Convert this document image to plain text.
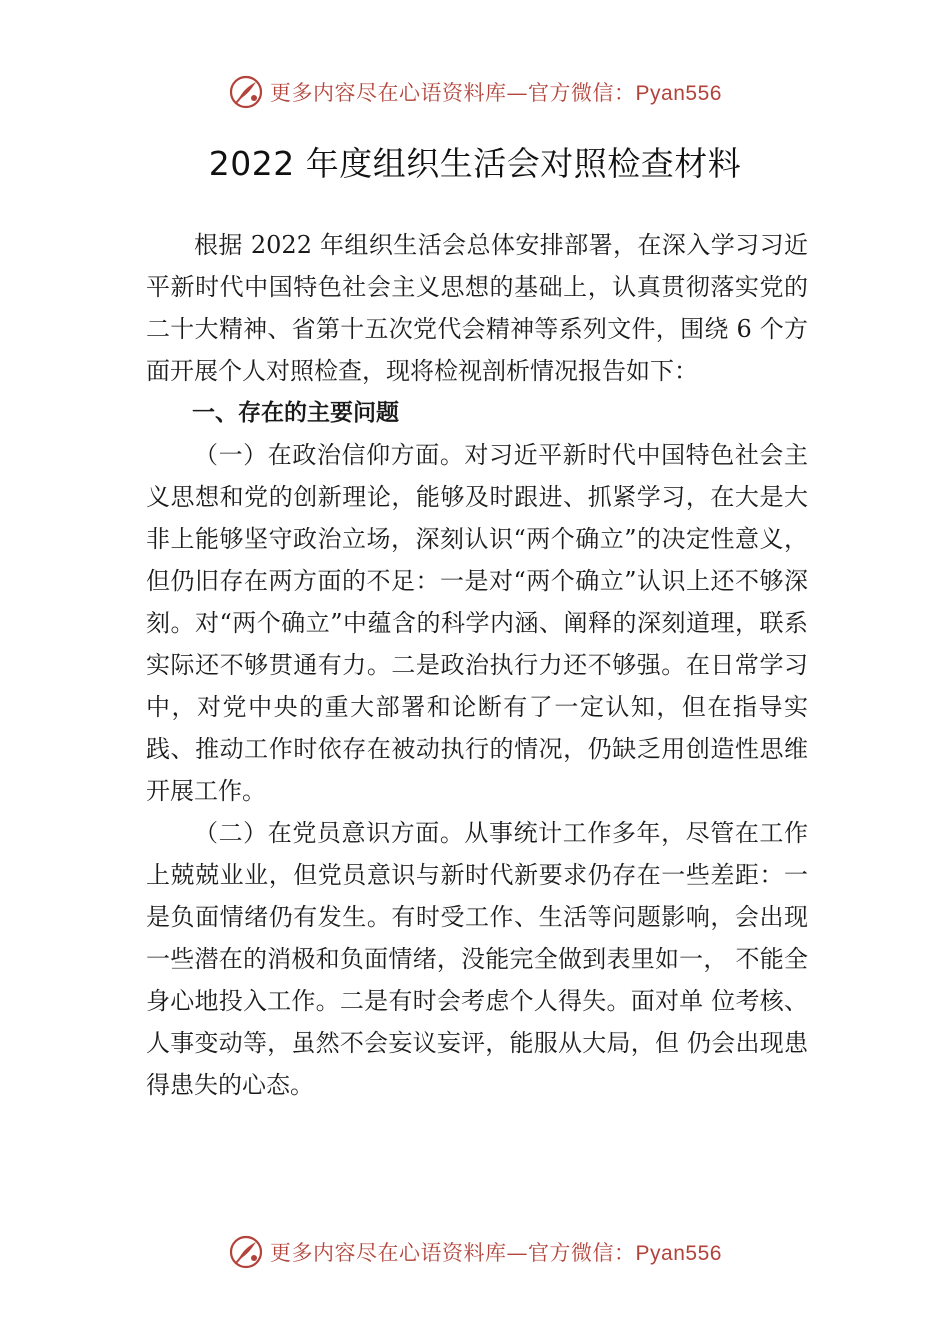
更多内容尽在心语资料库—官方微信：Pyan556
2022 年度组织生活会对照检查材料

根据 2022 年组织生活会总体安排部署，在深入学习习近平新时代中国特色社会主义思想的基础上，认真贯彻落实党的二十大精神、省第十五次党代会精神等系列文件，围绕 6 个方面开展个人对照检查，现将检视剖析情况报告如下：

一、存在的主要问题

（一）在政治信仰方面。对习近平新时代中国特色社会主义思想和党的创新理论，能够及时跟进、抓紧学习，在大是大非上能够坚守政治立场，深刻认识“两个确立”的决定性意义，但仍旧存在两方面的不足：一是对“两个确立”认识上还不够深刻。对“两个确立”中蕴含的科学内涵、阐释的深刻道理，联系实际还不够贯通有力。二是政治执行力还不够强。在日常学习中，对党中央的重大部署和论断有了一定认知，但在指导实践、推动工作时依存在被动执行的情况，仍缺乏用创造性思维开展工作。

（二）在党员意识方面。从事统计工作多年，尽管在工作上兢兢业业，但党员意识与新时代新要求仍存在一些差距：一是负面情绪仍有发生。有时受工作、生活等问题影响，会出现一些潜在的消极和负面情绪，没能完全做到表里如一， 不能全身心地投入工作。二是有时会考虑个人得失。面对单 位考核、人事变动等，虽然不会妄议妄评，能服从大局，但 仍会出现患得患失的心态。

更多内容尽在心语资料库—官方微信：Pyan556
